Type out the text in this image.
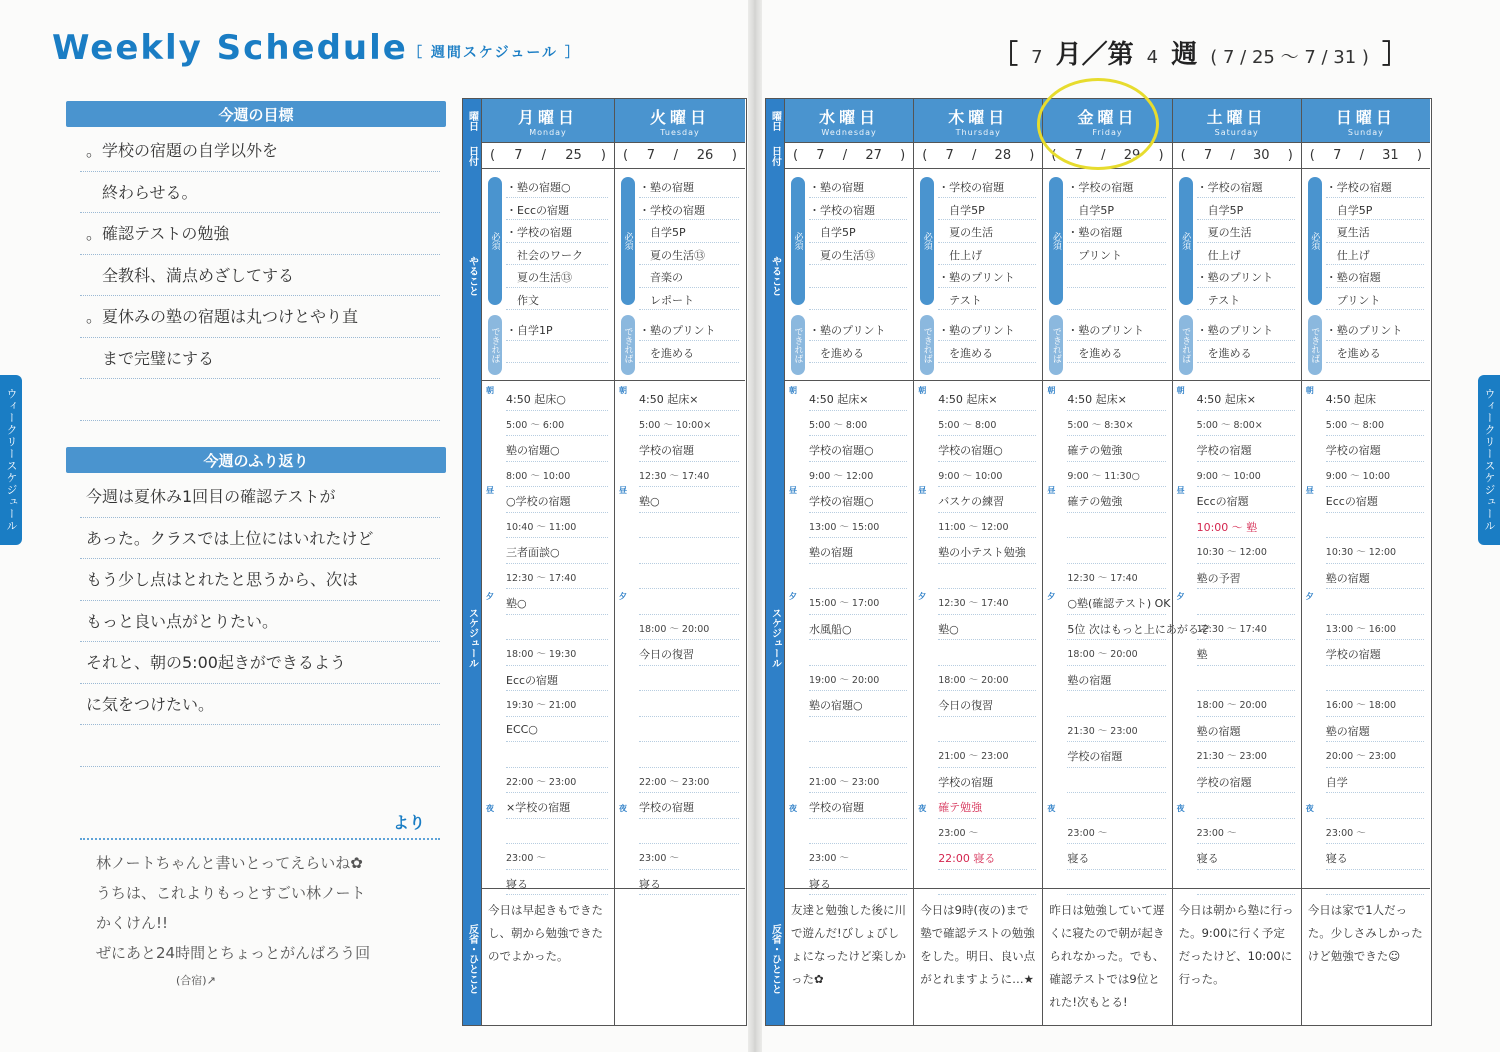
Weekly Schedule ［ 週間スケジュール ］	［ 7 月／第 4 週 ( 7 / 25 ～ 7 / 31 ) ］
ウィークリースケジュール	ウィークリースケジュール
今週の目標
。学校の宿題の自学以外を
　終わらせる。
。確認テストの勉強
　全教科、満点めざしてする
。夏休みの塾の宿題は丸つけとやり直
　まで完璧にする
今週のふり返り
今週は夏休み1回目の確認テストが
あった。クラスでは上位にはいれたけど
もう少し点はとれたと思うから、次は
もっと良い点がとりたい。
それと、朝の5:00起きができるよう
に気をつけたい。
より
林ノートちゃんと書いとってえらいね✿
うちは、これよりもっとすごい林ノート
かくけん!!
ぜにあと24時間とちょっとがんばろう回
(合宿)↗
曜日
日付
やること
スケジュール
反省・ひとこと
月曜日
Monday
( 7 / 25 )
必須
できれば
・塾の宿題○
・Eccの宿題
・学校の宿題
　社会のワーク
　夏の生活⑬
　作文
・自学1P
朝
昼
夕
夜
4:50 起床○
5:00 ～ 6:00
塾の宿題○
8:00 ～ 10:00
○学校の宿題
10:40 ～ 11:00
三者面談○
12:30 ～ 17:40
塾○
18:00 ～ 19:30
Eccの宿題
19:30 ～ 21:00
ECC○
22:00 ～ 23:00
×学校の宿題
23:00 ～
寝る
今日は早起きもできたし、朝から勉強できたのでよかった。
火曜日
Tuesday
( 7 / 26 )
必須
できれば
・塾の宿題
・学校の宿題
　自学5P
　夏の生活⑬
　音楽の
　レポート
・塾のプリント
　を進める
朝
昼
夕
夜
4:50 起床×
5:00 ～ 10:00×
学校の宿題
12:30 ～ 17:40
塾○
18:00 ～ 20:00
今日の復習
22:00 ～ 23:00
学校の宿題
23:00 ～
寝る
曜日
日付
やること
スケジュール
反省・ひとこと
水曜日
Wednesday
( 7 / 27 )
必須
できれば
・塾の宿題
・学校の宿題
　自学5P
　夏の生活⑬
・塾のプリント
　を進める
朝
昼
夕
夜
4:50 起床×
5:00 ～ 8:00
学校の宿題○
9:00 ～ 12:00
学校の宿題○
13:00 ～ 15:00
塾の宿題
15:00 ～ 17:00
水風船○
19:00 ～ 20:00
塾の宿題○
21:00 ～ 23:00
学校の宿題
23:00 ～
寝る
友達と勉強した後に川で遊んだ!びしょびしょになったけど楽しかった✿
木曜日
Thursday
( 7 / 28 )
必須
できれば
・学校の宿題
　自学5P
　夏の生活
　仕上げ
・塾のプリント
　テスト
・塾のプリント
　を進める
朝
昼
夕
夜
4:50 起床×
5:00 ～ 8:00
学校の宿題○
9:00 ～ 10:00
バスケの練習
11:00 ～ 12:00
塾の小テスト勉強
12:30 ～ 17:40
塾○
18:00 ～ 20:00
今日の復習
21:00 ～ 23:00
学校の宿題
確テ勉強
23:00 ～
22:00 寝る
今日は9時(夜の)まで塾で確認テストの勉強をした。明日、良い点がとれますように…★
金曜日
Friday
( 7 / 29 )
必須
できれば
・学校の宿題
　自学5P
・塾の宿題
　プリント
・塾のプリント
　を進める
朝
昼
夕
夜
4:50 起床×
5:00 ～ 8:30×
確テの勉強
9:00 ～ 11:30○
確テの勉強
12:30 ～ 17:40
○塾(確認テスト) OK
5位 次はもっと上にあがるぞ
18:00 ～ 20:00
塾の宿題
21:30 ～ 23:00
学校の宿題
23:00 ～
寝る
昨日は勉強していて遅くに寝たので朝が起きられなかった。でも、確認テストでは9位とれた!次もとる!
土曜日
Saturday
( 7 / 30 )
必須
できれば
・学校の宿題
　自学5P
　夏の生活
　仕上げ
・塾のプリント
　テスト
・塾のプリント
　を進める
朝
昼
夕
夜
4:50 起床×
5:00 ～ 8:00×
学校の宿題
9:00 ～ 10:00
Eccの宿題
10:00 ～ 塾
10:30 ～ 12:00
塾の予習
12:30 ～ 17:40
塾
18:00 ～ 20:00
塾の宿題
21:30 ～ 23:00
学校の宿題
23:00 ～
寝る
今日は朝から塾に行った。9:00に行く予定だったけど、10:00に行った。
日曜日
Sunday
( 7 / 31 )
必須
できれば
・学校の宿題
　自学5P
　夏生活
　仕上げ
・塾の宿題
　プリント
・塾のプリント
　を進める
朝
昼
夕
夜
4:50 起床
5:00 ～ 8:00
学校の宿題
9:00 ～ 10:00
Eccの宿題
10:30 ～ 12:00
塾の宿題
13:00 ～ 16:00
学校の宿題
16:00 ～ 18:00
塾の宿題
20:00 ～ 23:00
自学
23:00 ～
寝る
今日は家で1人だった。少しさみしかったけど勉強できた☺
